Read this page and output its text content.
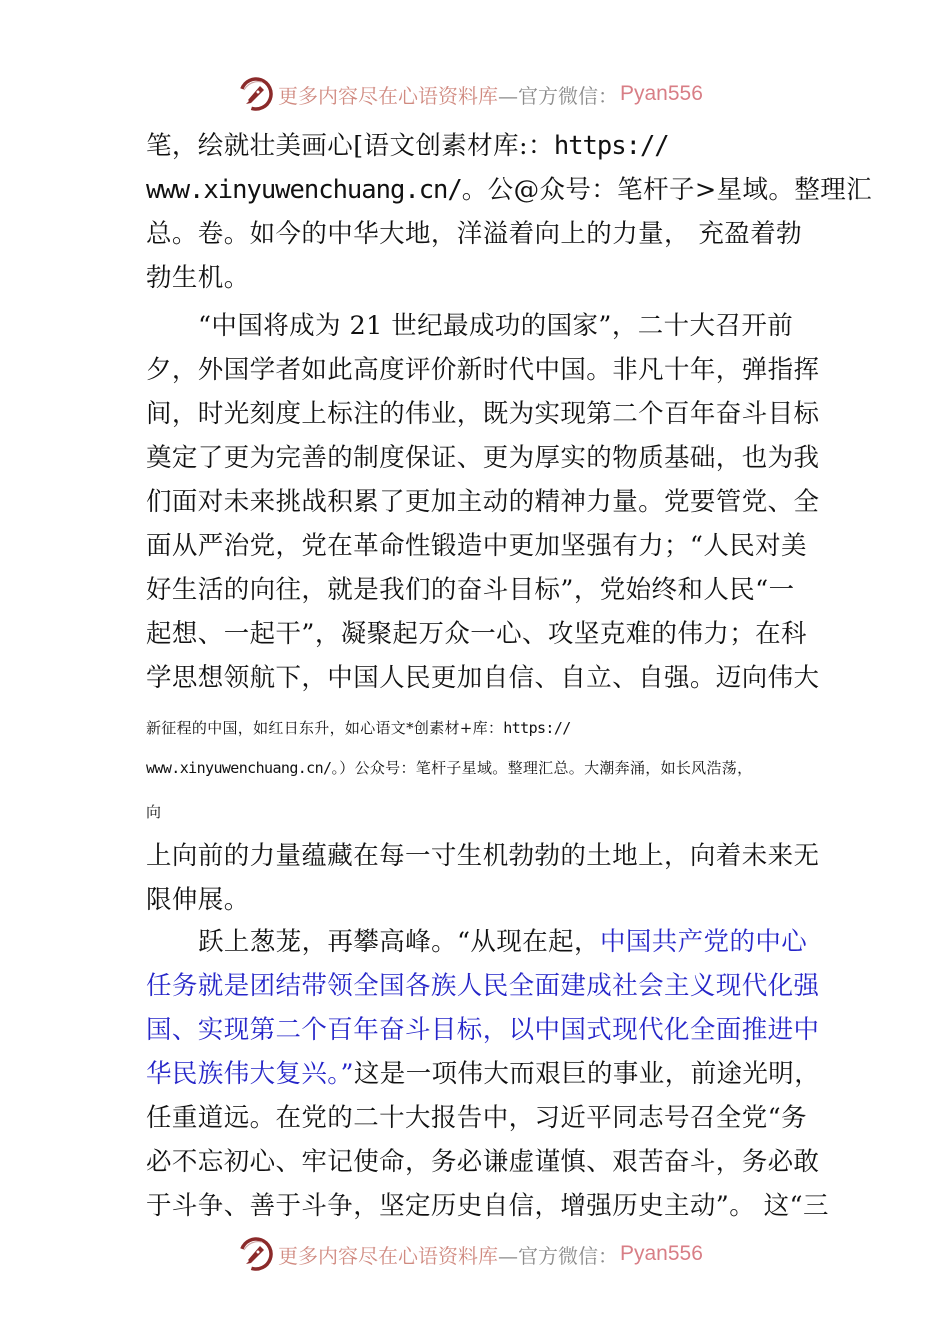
更多内容尽在心语资料库 —官方微信： Pyan556
笔，绘就壮美画心[语文创素材库:：https://
www.xinyuwenchuang.cn/。公@众号：笔杆子>星域。整理汇
总。卷。如今的中华大地，洋溢着向上的力量， 充盈着勃
勃生机。
“中国将成为 21 世纪最成功的国家”，二十大召开前
夕，外国学者如此高度评价新时代中国。非凡十年，弹指挥
间，时光刻度上标注的伟业，既为实现第二个百年奋斗目标
奠定了更为完善的制度保证、更为厚实的物质基础，也为我
们面对未来挑战积累了更加主动的精神力量。党要管党、全
面从严治党，党在革命性锻造中更加坚强有力；“人民对美
好生活的向往，就是我们的奋斗目标”，党始终和人民“一
起想、一起干”，凝聚起万众一心、攻坚克难的伟力；在科
学思想领航下，中国人民更加自信、自立、自强。迈向伟大
新征程的中国，如红日东升，如心语文*创素材+库：https://
www.xinyuwenchuang.cn/。）公众号：笔杆子星域。整理汇总。大潮奔涌，如长风浩荡，
向
上向前的力量蕴藏在每一寸生机勃勃的土地上，向着未来无
限伸展。
跃上葱茏，再攀高峰。“从现在起，中国共产党的中心
任务就是团结带领全国各族人民全面建成社会主义现代化强
国、实现第二个百年奋斗目标，以中国式现代化全面推进中
华民族伟大复兴。”这是一项伟大而艰巨的事业，前途光明，
任重道远。在党的二十大报告中，习近平同志号召全党“务
必不忘初心、牢记使命，务必谦虚谨慎、艰苦奋斗，务必敢
于斗争、善于斗争，坚定历史自信，增强历史主动”。 这“三
更多内容尽在心语资料库 —官方微信： Pyan556
